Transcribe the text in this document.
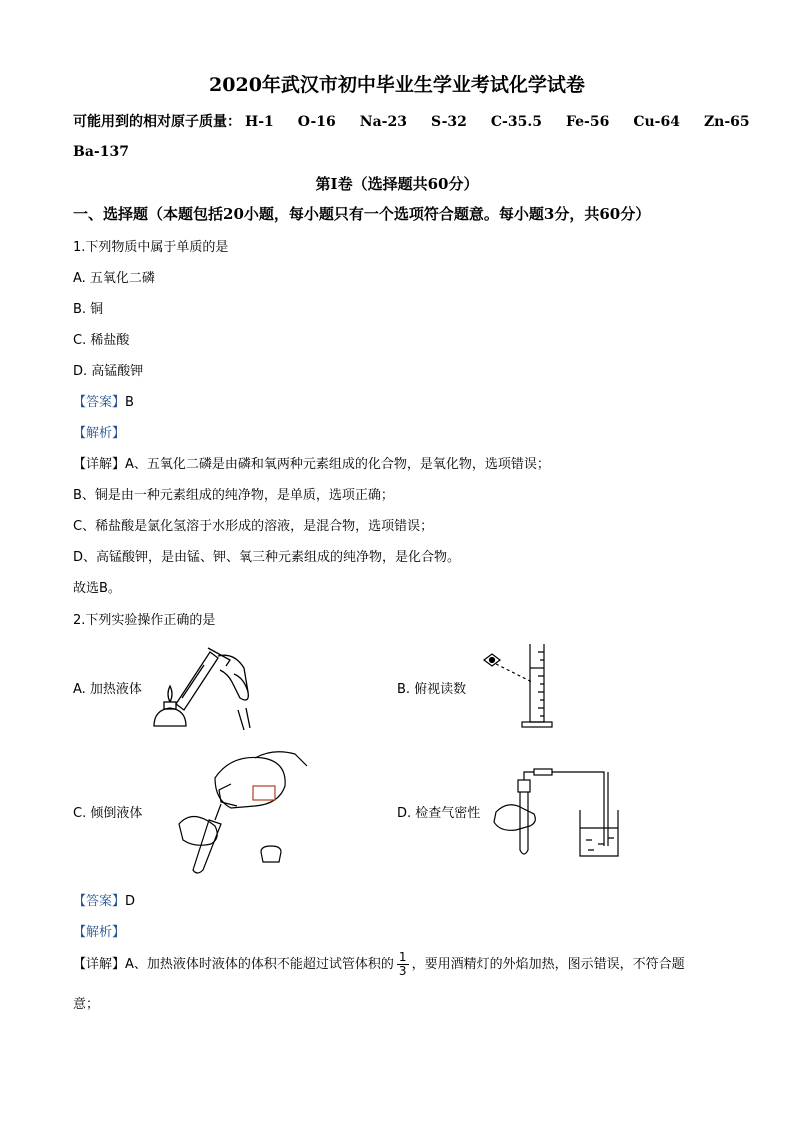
2020年武汉市初中毕业生学业考试化学试卷
可能用到的相对原子质量： H-1 O-16 Na-23 S-32 C-35.5 Fe-56 Cu-64 Zn-65
Ba-137
第Ⅰ卷（选择题共60分）
一、选择题（本题包括20小题，每小题只有一个选项符合题意。每小题3分，共60分）
1.下列物质中属于单质的是
A. 五氧化二磷
B. 铜
C. 稀盐酸
D. 高锰酸钾
【答案】B
【解析】
【详解】A、五氧化二磷是由磷和氧两种元素组成的化合物，是氧化物，选项错误；
B、铜是由一种元素组成的纯净物，是单质，选项正确；
C、稀盐酸是氯化氢溶于水形成的溶液，是混合物，选项错误；
D、高锰酸钾，是由锰、钾、氧三种元素组成的纯净物，是化合物。
故选B。
2.下列实验操作正确的是
A. 加热液体	B. 俯视读数
C. 倾倒液体	D. 检查气密性
【答案】D
【解析】
【详解】A、加热液体时液体的体积不能超过试管体积的 $\frac{1}{3}$ ，要用酒精灯的外焰加热，图示错误，不符合题
意；
